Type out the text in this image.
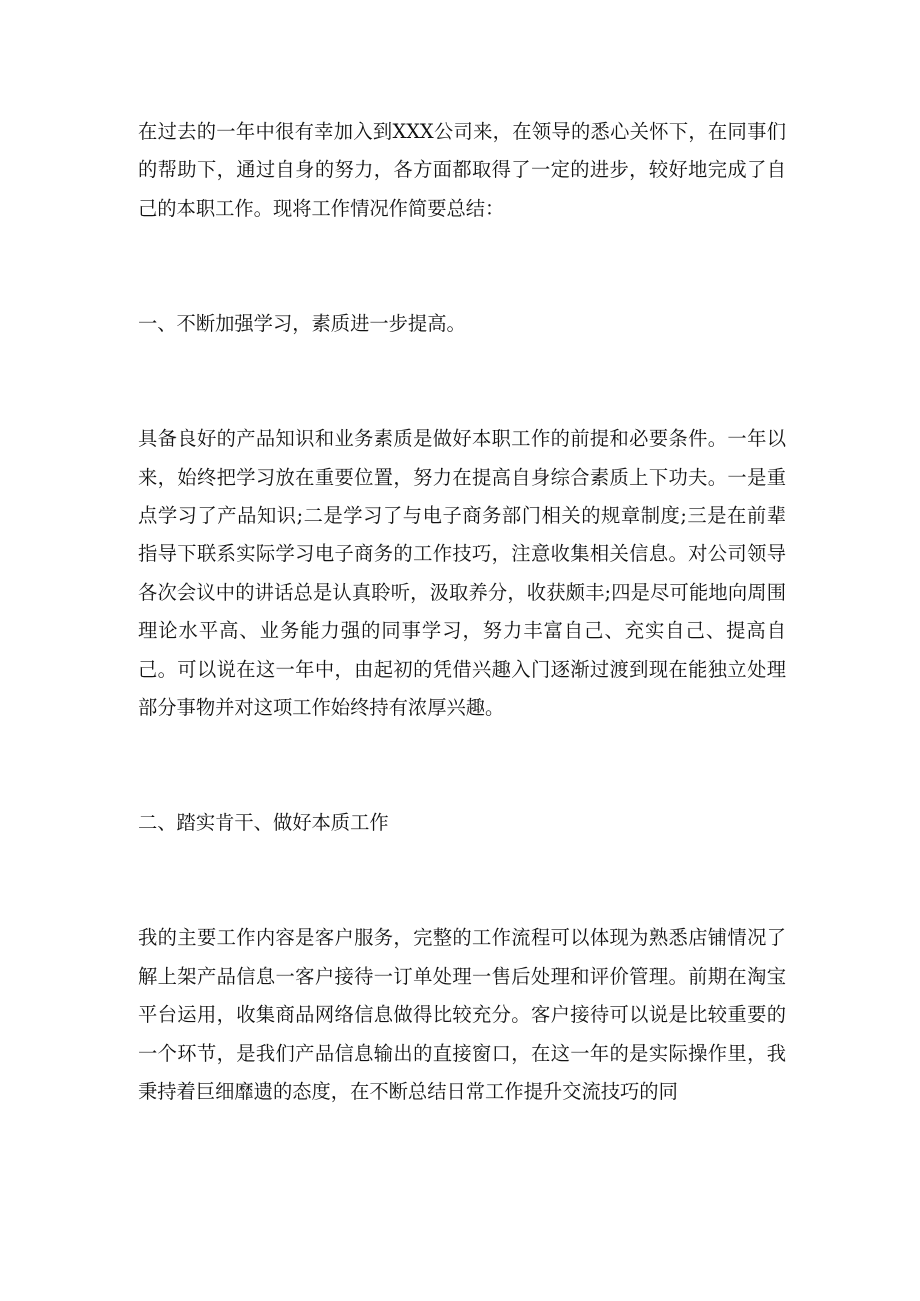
在过去的一年中很有幸加入到XXX公司来，在领导的悉心关怀下，在同事们的帮助下，通过自身的努力，各方面都取得了一定的进步，较好地完成了自己的本职工作。现将工作情况作简要总结：

一、不断加强学习，素质进一步提高。

具备良好的产品知识和业务素质是做好本职工作的前提和必要条件。一年以来，始终把学习放在重要位置，努力在提高自身综合素质上下功夫。一是重点学习了产品知识;二是学习了与电子商务部门相关的规章制度;三是在前辈指导下联系实际学习电子商务的工作技巧，注意收集相关信息。对公司领导各次会议中的讲话总是认真聆听，汲取养分，收获颇丰;四是尽可能地向周围理论水平高、业务能力强的同事学习，努力丰富自己、充实自己、提高自己。可以说在这一年中，由起初的凭借兴趣入门逐渐过渡到现在能独立处理部分事物并对这项工作始终持有浓厚兴趣。

二、踏实肯干、做好本质工作

我的主要工作内容是客户服务，完整的工作流程可以体现为熟悉店铺情况了解上架产品信息一客户接待一订单处理一售后处理和评价管理。前期在淘宝平台运用，收集商品网络信息做得比较充分。客户接待可以说是比较重要的一个环节，是我们产品信息输出的直接窗口，在这一年的是实际操作里，我秉持着巨细靡遗的态度，在不断总结日常工作提升交流技巧的同
